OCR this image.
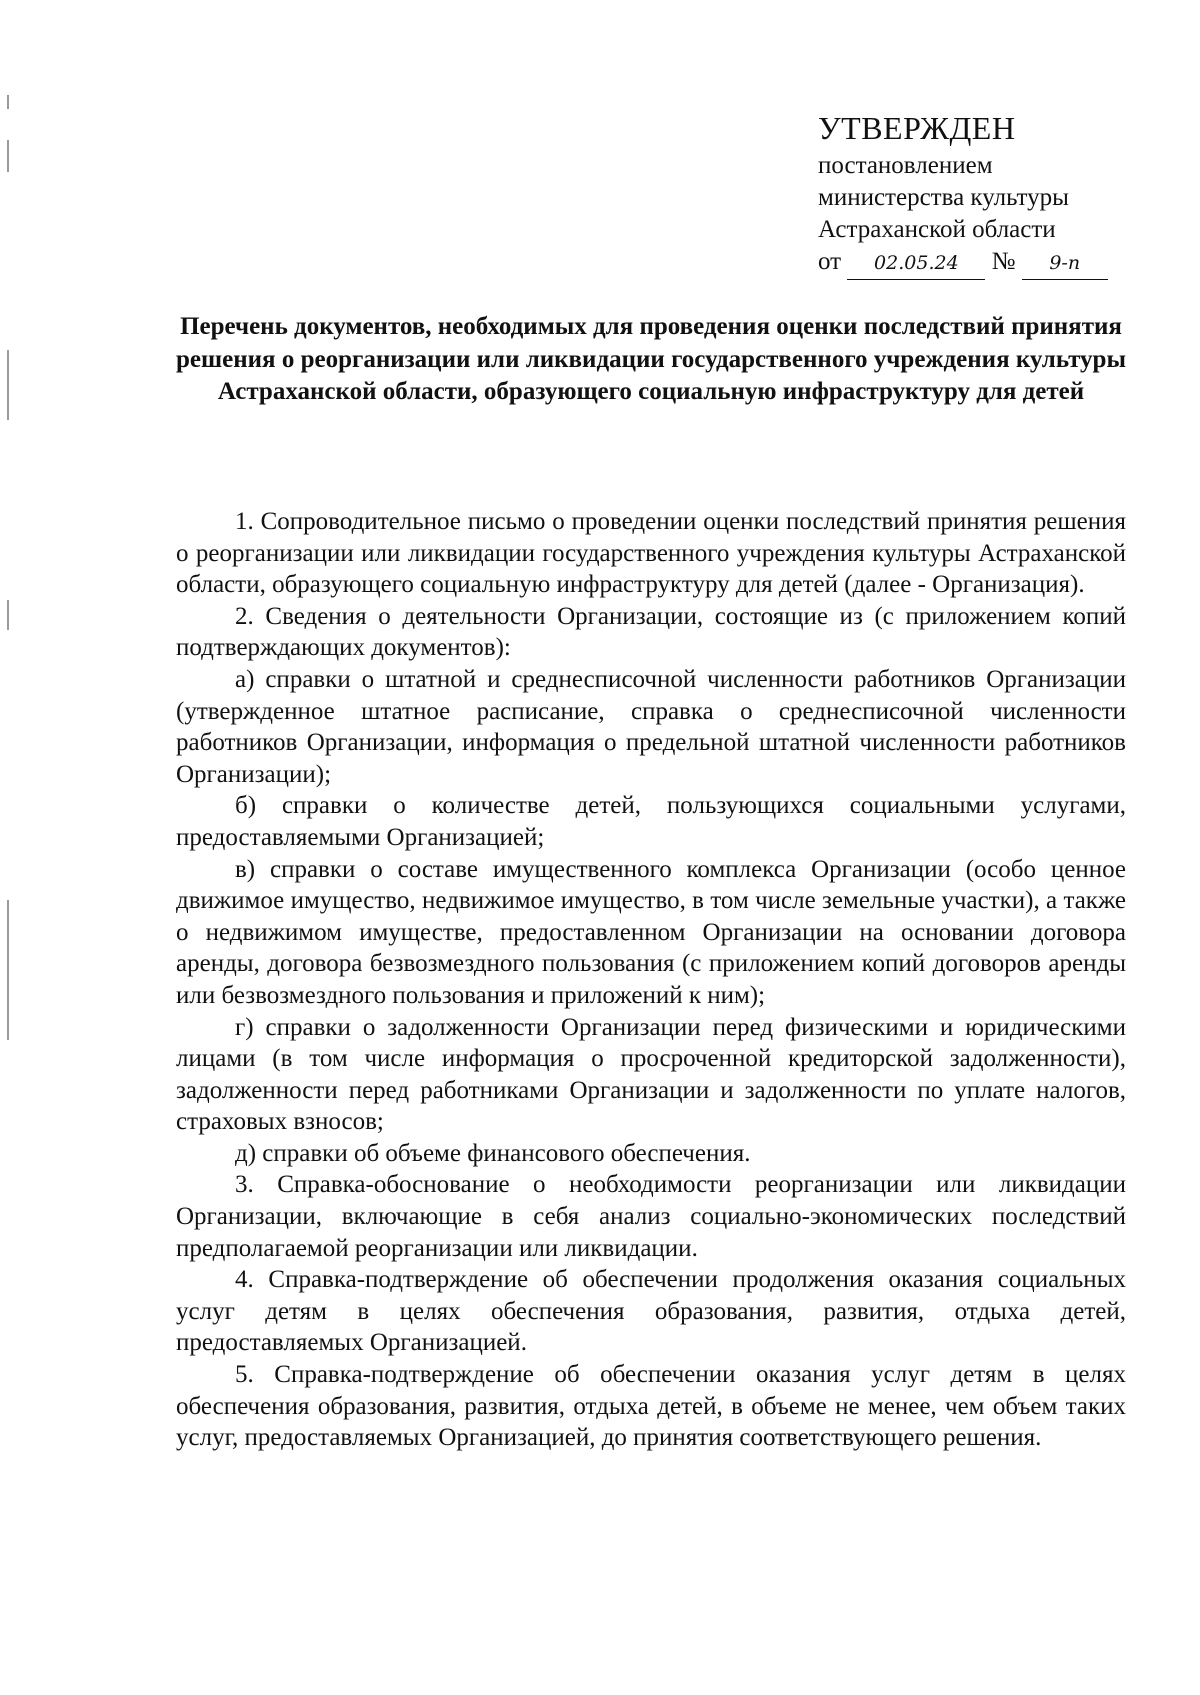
УТВЕРЖДЕН
постановлением
министерства культуры
Астраханской области
от 02.05.24 № 9-п
Перечень документов, необходимых для проведения оценки последствий принятия решения о реорганизации или ликвидации государственного учреждения культуры Астраханской области, образующего социальную инфраструктуру для детей

1. Сопроводительное письмо о проведении оценки последствий принятия решения о реорганизации или ликвидации государственного учреждения культуры Астраханской области, образующего социальную инфраструктуру для детей (далее - Организация).

2. Сведения о деятельности Организации, состоящие из (с приложением копий подтверждающих документов):

а) справки о штатной и среднесписочной численности работников Организации (утвержденное штатное расписание, справка о среднесписочной численности работников Организации, информация о предельной штатной численности работников Организации);

б) справки о количестве детей, пользующихся социальными услугами, предоставляемыми Организацией;

в) справки о составе имущественного комплекса Организации (особо ценное движимое имущество, недвижимое имущество, в том числе земельные участки), а также о недвижимом имуществе, предоставленном Организации на основании договора аренды, договора безвозмездного пользования (с приложением копий договоров аренды или безвозмездного пользования и приложений к ним);

г) справки о задолженности Организации перед физическими и юридическими лицами (в том числе информация о просроченной кредиторской задолженности), задолженности перед работниками Организации и задолженности по уплате налогов, страховых взносов;

д) справки об объеме финансового обеспечения.

3. Справка-обоснование о необходимости реорганизации или ликвидации Организации, включающие в себя анализ социально-экономических последствий предполагаемой реорганизации или ликвидации.

4. Справка-подтверждение об обеспечении продолжения оказания социальных услуг детям в целях обеспечения образования, развития, отдыха детей, предоставляемых Организацией.

5. Справка-подтверждение об обеспечении оказания услуг детям в целях обеспечения образования, развития, отдыха детей, в объеме не менее, чем объем таких услуг, предоставляемых Организацией, до принятия соответствующего решения.
